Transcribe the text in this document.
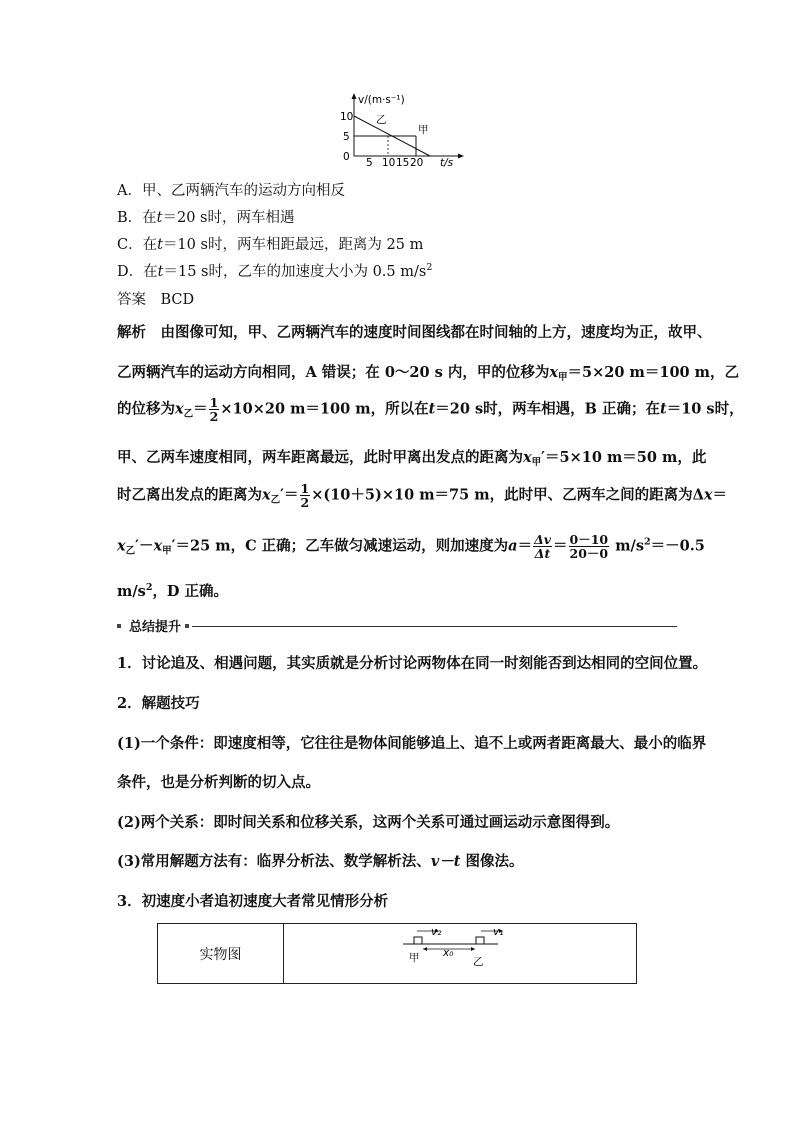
v/(m·s⁻¹)
t/s
10
5
0 5 10 15 20
乙
甲
A．甲、乙两辆汽车的运动方向相反
B．在t＝20 s时，两车相遇
C．在t＝10 s时，两车相距最远，距离为 25 m
D．在t＝15 s时，乙车的加速度大小为 0.5 $m/s^2$
答案　BCD
解析　由图像可知，甲、乙两辆汽车的速度时间图线都在时间轴的上方，速度均为正，故甲、
乙两辆汽车的运动方向相同，A 错误；在 0～20 s 内，甲的位移为$x_甲=5\times 20$ m＝100 m，乙
的位移为$x_乙= \frac{1}{2} \times 10\times 20$ m＝100 m，所以在t＝20 s时，两车相遇，B 正确；在t＝10 s时，
甲、乙两车速度相同，两车距离最远，此时甲离出发点的距离为$x_甲'=5\times 10$ m＝50 m，此
时乙离出发点的距离为$x_乙'= \frac{1}{2} \times(10+5)\times 10$ m＝75 m，此时甲、乙两车之间的距离为Δx＝
$x_乙'-x_甲'=25$ m，C 正确；乙车做匀减速运动，则加速度为$a= \frac{\Delta v}{\Delta t} = \frac{0-10}{20-0} m/s^2=-0.5$
$m/s^2$，D 正确。
总结提升
1．讨论追及、相遇问题，其实质就是分析讨论两物体在同一时刻能否到达相同的空间位置。
2．解题技巧
(1)一个条件：即速度相等，它往往是物体间能够追上、追不上或两者距离最大、最小的临界
条件，也是分析判断的切入点。
(2)两个关系：即时间关系和位移关系，这两个关系可通过画运动示意图得到。
(3)常用解题方法有：临界分析法、数学解析法、v－t 图像法。
3．初速度小者追初速度大者常见情形分析
实物图	
v₂	v₁
x₀
甲	乙
